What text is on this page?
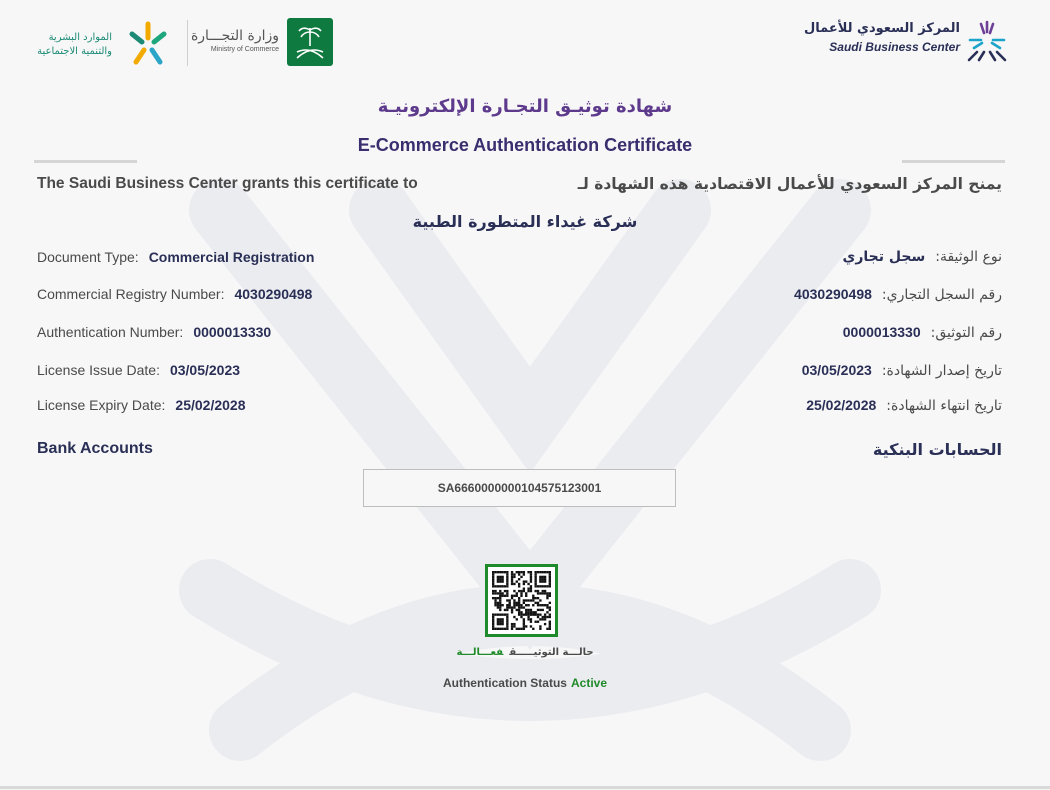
المركز السعودي للأعمال
Saudi Business Center
وزارة التجـــارة
Ministry of Commerce
الموارد البشرية
والتنمية الاجتماعية
شهادة توثيـق التجـارة الإلكترونيـة
E-Commerce Authentication Certificate
The Saudi Business Center grants this certificate to	يمنح المركز السعودي للأعمال الاقتصادية هذه الشهادة لـ
شركة غيداء المتطورة الطبية
Document Type: Commercial Registration
Commercial Registry Number: 4030290498
Authentication Number: 0000013330
License Issue Date: 03/05/2023
License Expiry Date: 25/02/2028
نوع الوثيقة:سجل تجاري
رقم السجل التجاري:4030290498
رقم التوثيق:0000013330
تاريخ إصدار الشهادة:03/05/2023
تاريخ انتهاء الشهادة:25/02/2028
Bank Accounts	الحسابات البنكية
SA6660000000104575123001
حالـــة التوثيـــــقفعـــالـــة
Authentication Status Active
